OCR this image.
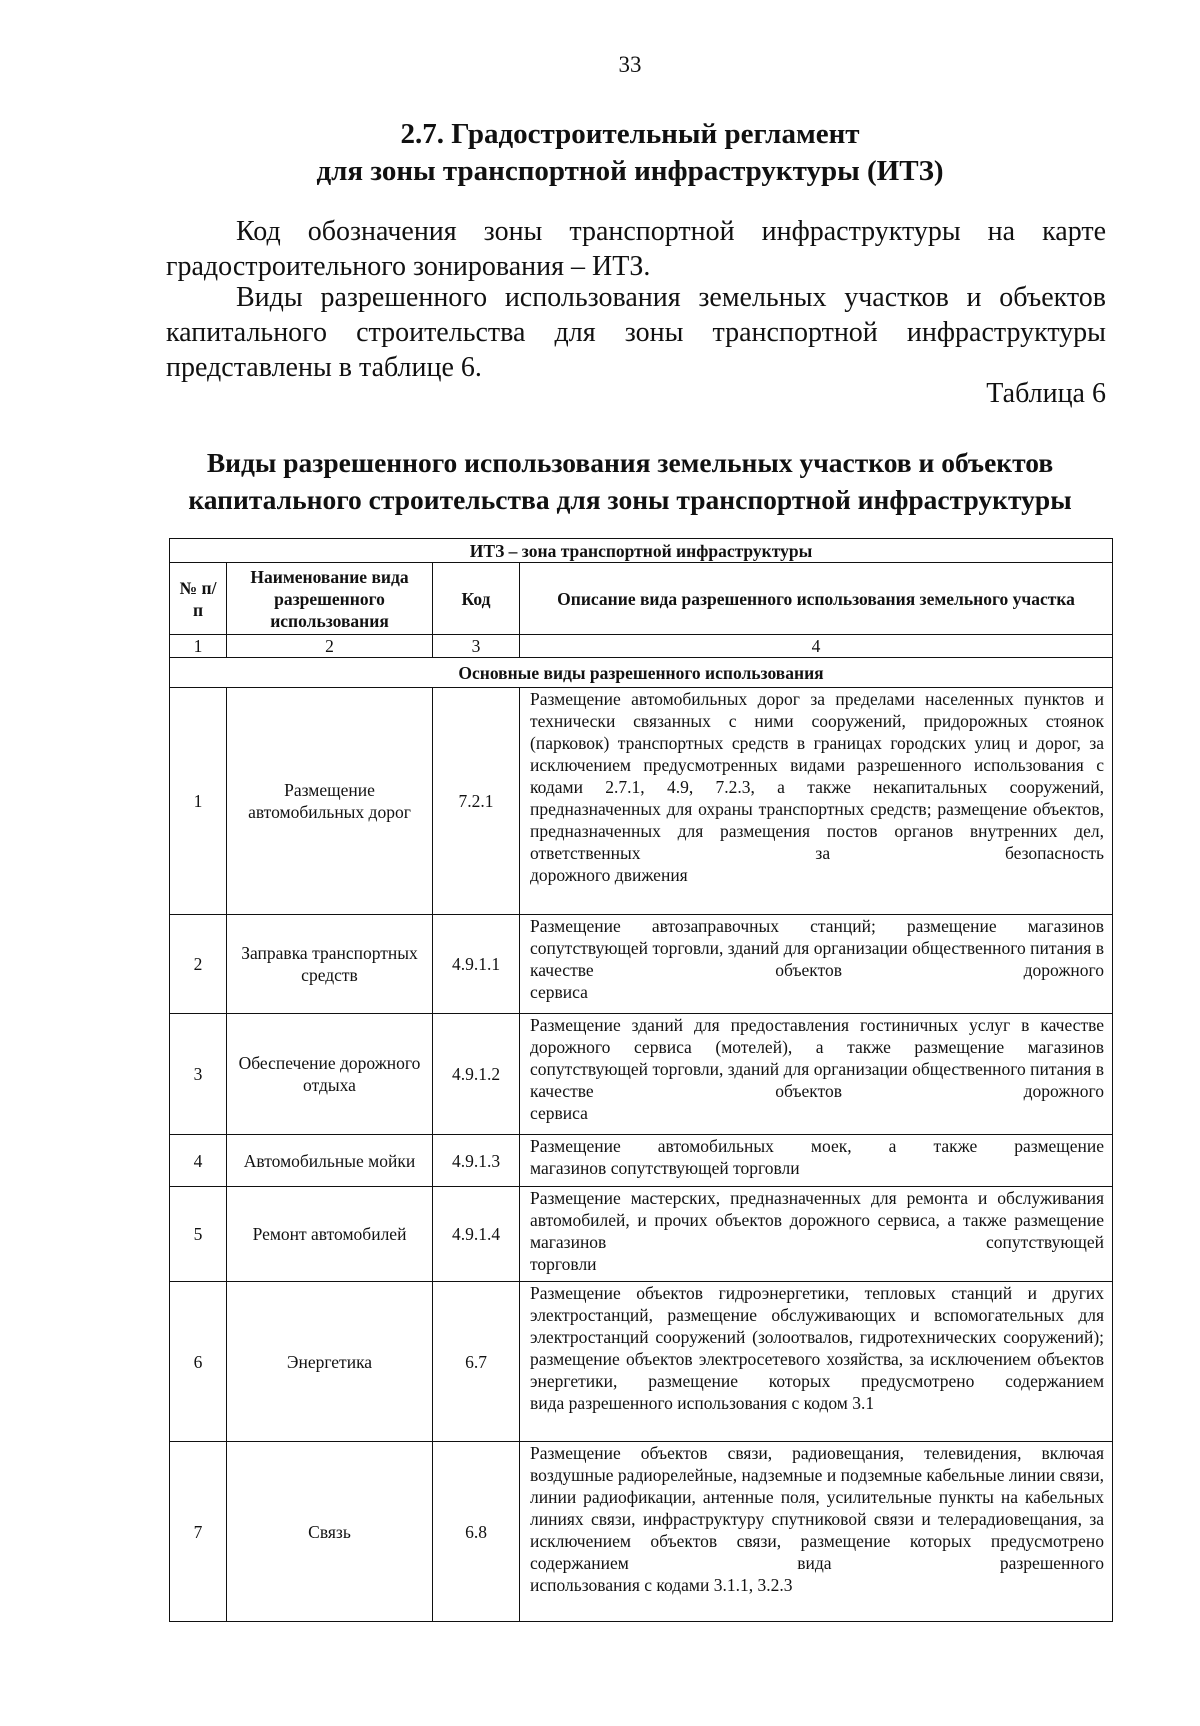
33
2.7. Градостроительный регламент
для зоны транспортной инфраструктуры (ИТЗ)
Код обозначения зоны транспортной инфраструктуры на карте
градостроительного зонирования – ИТЗ.
Виды разрешенного использования земельных участков и объектов
капитального строительства для зоны транспортной инфраструктуры
представлены в таблице 6.
Таблица 6
Виды разрешенного использования земельных участков и объектов
капитального строительства для зоны транспортной инфраструктуры
ИТЗ – зона транспортной инфраструктуры			
№ п/п	Наименование вида разрешенного использования	Код	Описание вида разрешенного использования земельного участка
1	2	3	4
Основные виды разрешенного использования			
1	Размещение автомобильных дорог	7.2.1	Размещение автомобильных дорог за пределами населенных пунктов и технически связанных с ними сооружений, придорожных стоянок (парковок) транспортных средств в границах городских улиц и дорог, за исключением предусмотренных видами разрешенного использования с кодами 2.7.1, 4.9, 7.2.3, а также некапитальных сооружений, предназначенных для охраны транспортных средств; размещение объектов, предназначенных для размещения постов органов внутренних дел, ответственных за безопасность
дорожного движения

2	Заправка транспортных средств	4.9.1.1	Размещение автозаправочных станций; размещение магазинов сопутствующей торговли, зданий для организации общественного питания в качестве объектов дорожного
сервиса

3	Обеспечение дорожного отдыха	4.9.1.2	Размещение зданий для предоставления гостиничных услуг в качестве дорожного сервиса (мотелей), а также размещение магазинов сопутствующей торговли, зданий для организации общественного питания в качестве объектов дорожного
сервиса

4	Автомобильные мойки	4.9.1.3	Размещение автомобильных моек, а также размещение
магазинов сопутствующей торговли

5	Ремонт автомобилей	4.9.1.4	Размещение мастерских, предназначенных для ремонта и обслуживания автомобилей, и прочих объектов дорожного сервиса, а также размещение магазинов сопутствующей
торговли

6	Энергетика	6.7	Размещение объектов гидроэнергетики, тепловых станций и других электростанций, размещение обслуживающих и вспомогательных для электростанций сооружений (золоотвалов, гидротехнических сооружений); размещение объектов электросетевого хозяйства, за исключением объектов энергетики, размещение которых предусмотрено содержанием
вида разрешенного использования с кодом 3.1

7	Связь	6.8	Размещение объектов связи, радиовещания, телевидения, включая воздушные радиорелейные, надземные и подземные кабельные линии связи, линии радиофикации, антенные поля, усилительные пункты на кабельных линиях связи, инфраструктуру спутниковой связи и телерадиовещания, за исключением объектов связи, размещение которых предусмотрено содержанием вида разрешенного
использования с кодами 3.1.1, 3.2.3
